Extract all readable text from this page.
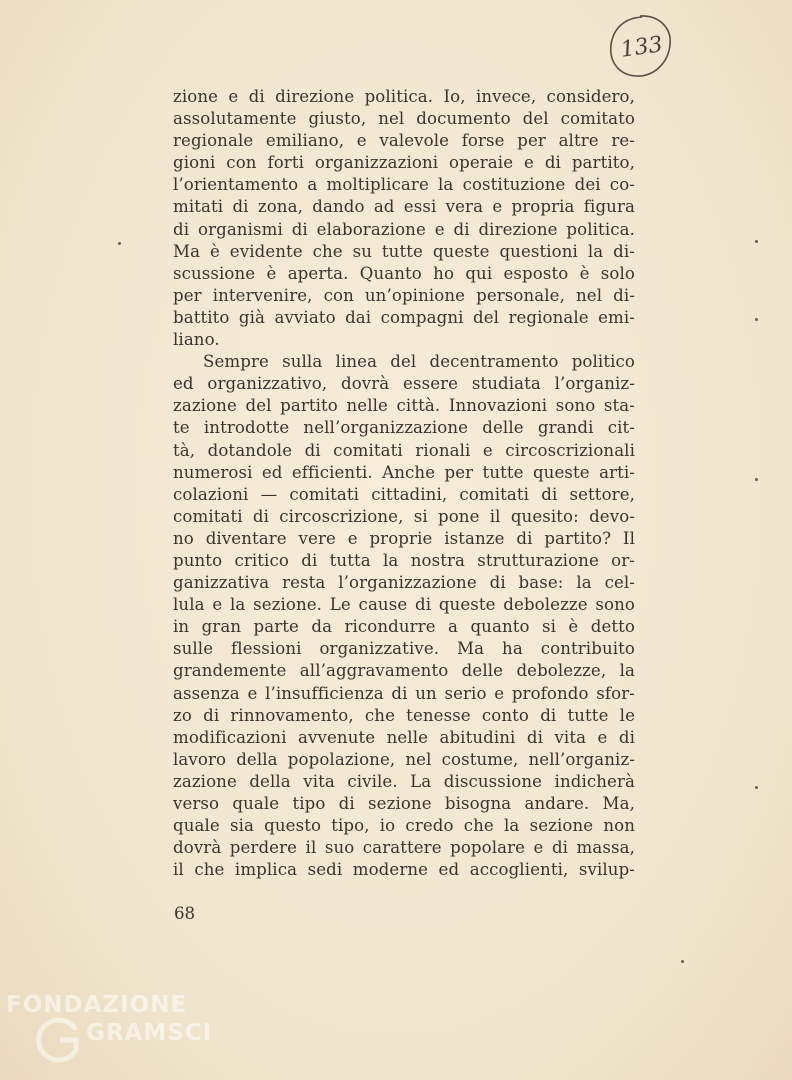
133
zione e di direzione politica. Io, invece, considero,
assolutamente giusto, nel documento del comitato
regionale emiliano, e valevole forse per altre re-
gioni con forti organizzazioni operaie e di partito,
l’orientamento a moltiplicare la costituzione dei co-
mitati di zona, dando ad essi vera e propria figura
di organismi di elaborazione e di direzione politica.
Ma è evidente che su tutte queste questioni la di-
scussione è aperta. Quanto ho qui esposto è solo
per intervenire, con un’opinione personale, nel di-
battito già avviato dai compagni del regionale emi-
liano.
Sempre sulla linea del decentramento politico
ed organizzativo, dovrà essere studiata l’organiz-
zazione del partito nelle città. Innovazioni sono sta-
te introdotte nell’organizzazione delle grandi cit-
tà, dotandole di comitati rionali e circoscrizionali
numerosi ed efficienti. Anche per tutte queste arti-
colazioni — comitati cittadini, comitati di settore,
comitati di circoscrizione, si pone il quesito: devo-
no diventare vere e proprie istanze di partito? Il
punto critico di tutta la nostra strutturazione or-
ganizzativa resta l’organizzazione di base: la cel-
lula e la sezione. Le cause di queste debolezze sono
in gran parte da ricondurre a quanto si è detto
sulle flessioni organizzative. Ma ha contribuito
grandemente all’aggravamento delle debolezze, la
assenza e l’insufficienza di un serio e profondo sfor-
zo di rinnovamento, che tenesse conto di tutte le
modificazioni avvenute nelle abitudini di vita e di
lavoro della popolazione, nel costume, nell’organiz-
zazione della vita civile. La discussione indicherà
verso quale tipo di sezione bisogna andare. Ma,
quale sia questo tipo, io credo che la sezione non
dovrà perdere il suo carattere popolare e di massa,
il che implica sedi moderne ed accoglienti, svilup-
68
FONDAZIONE
GRAMSCI
